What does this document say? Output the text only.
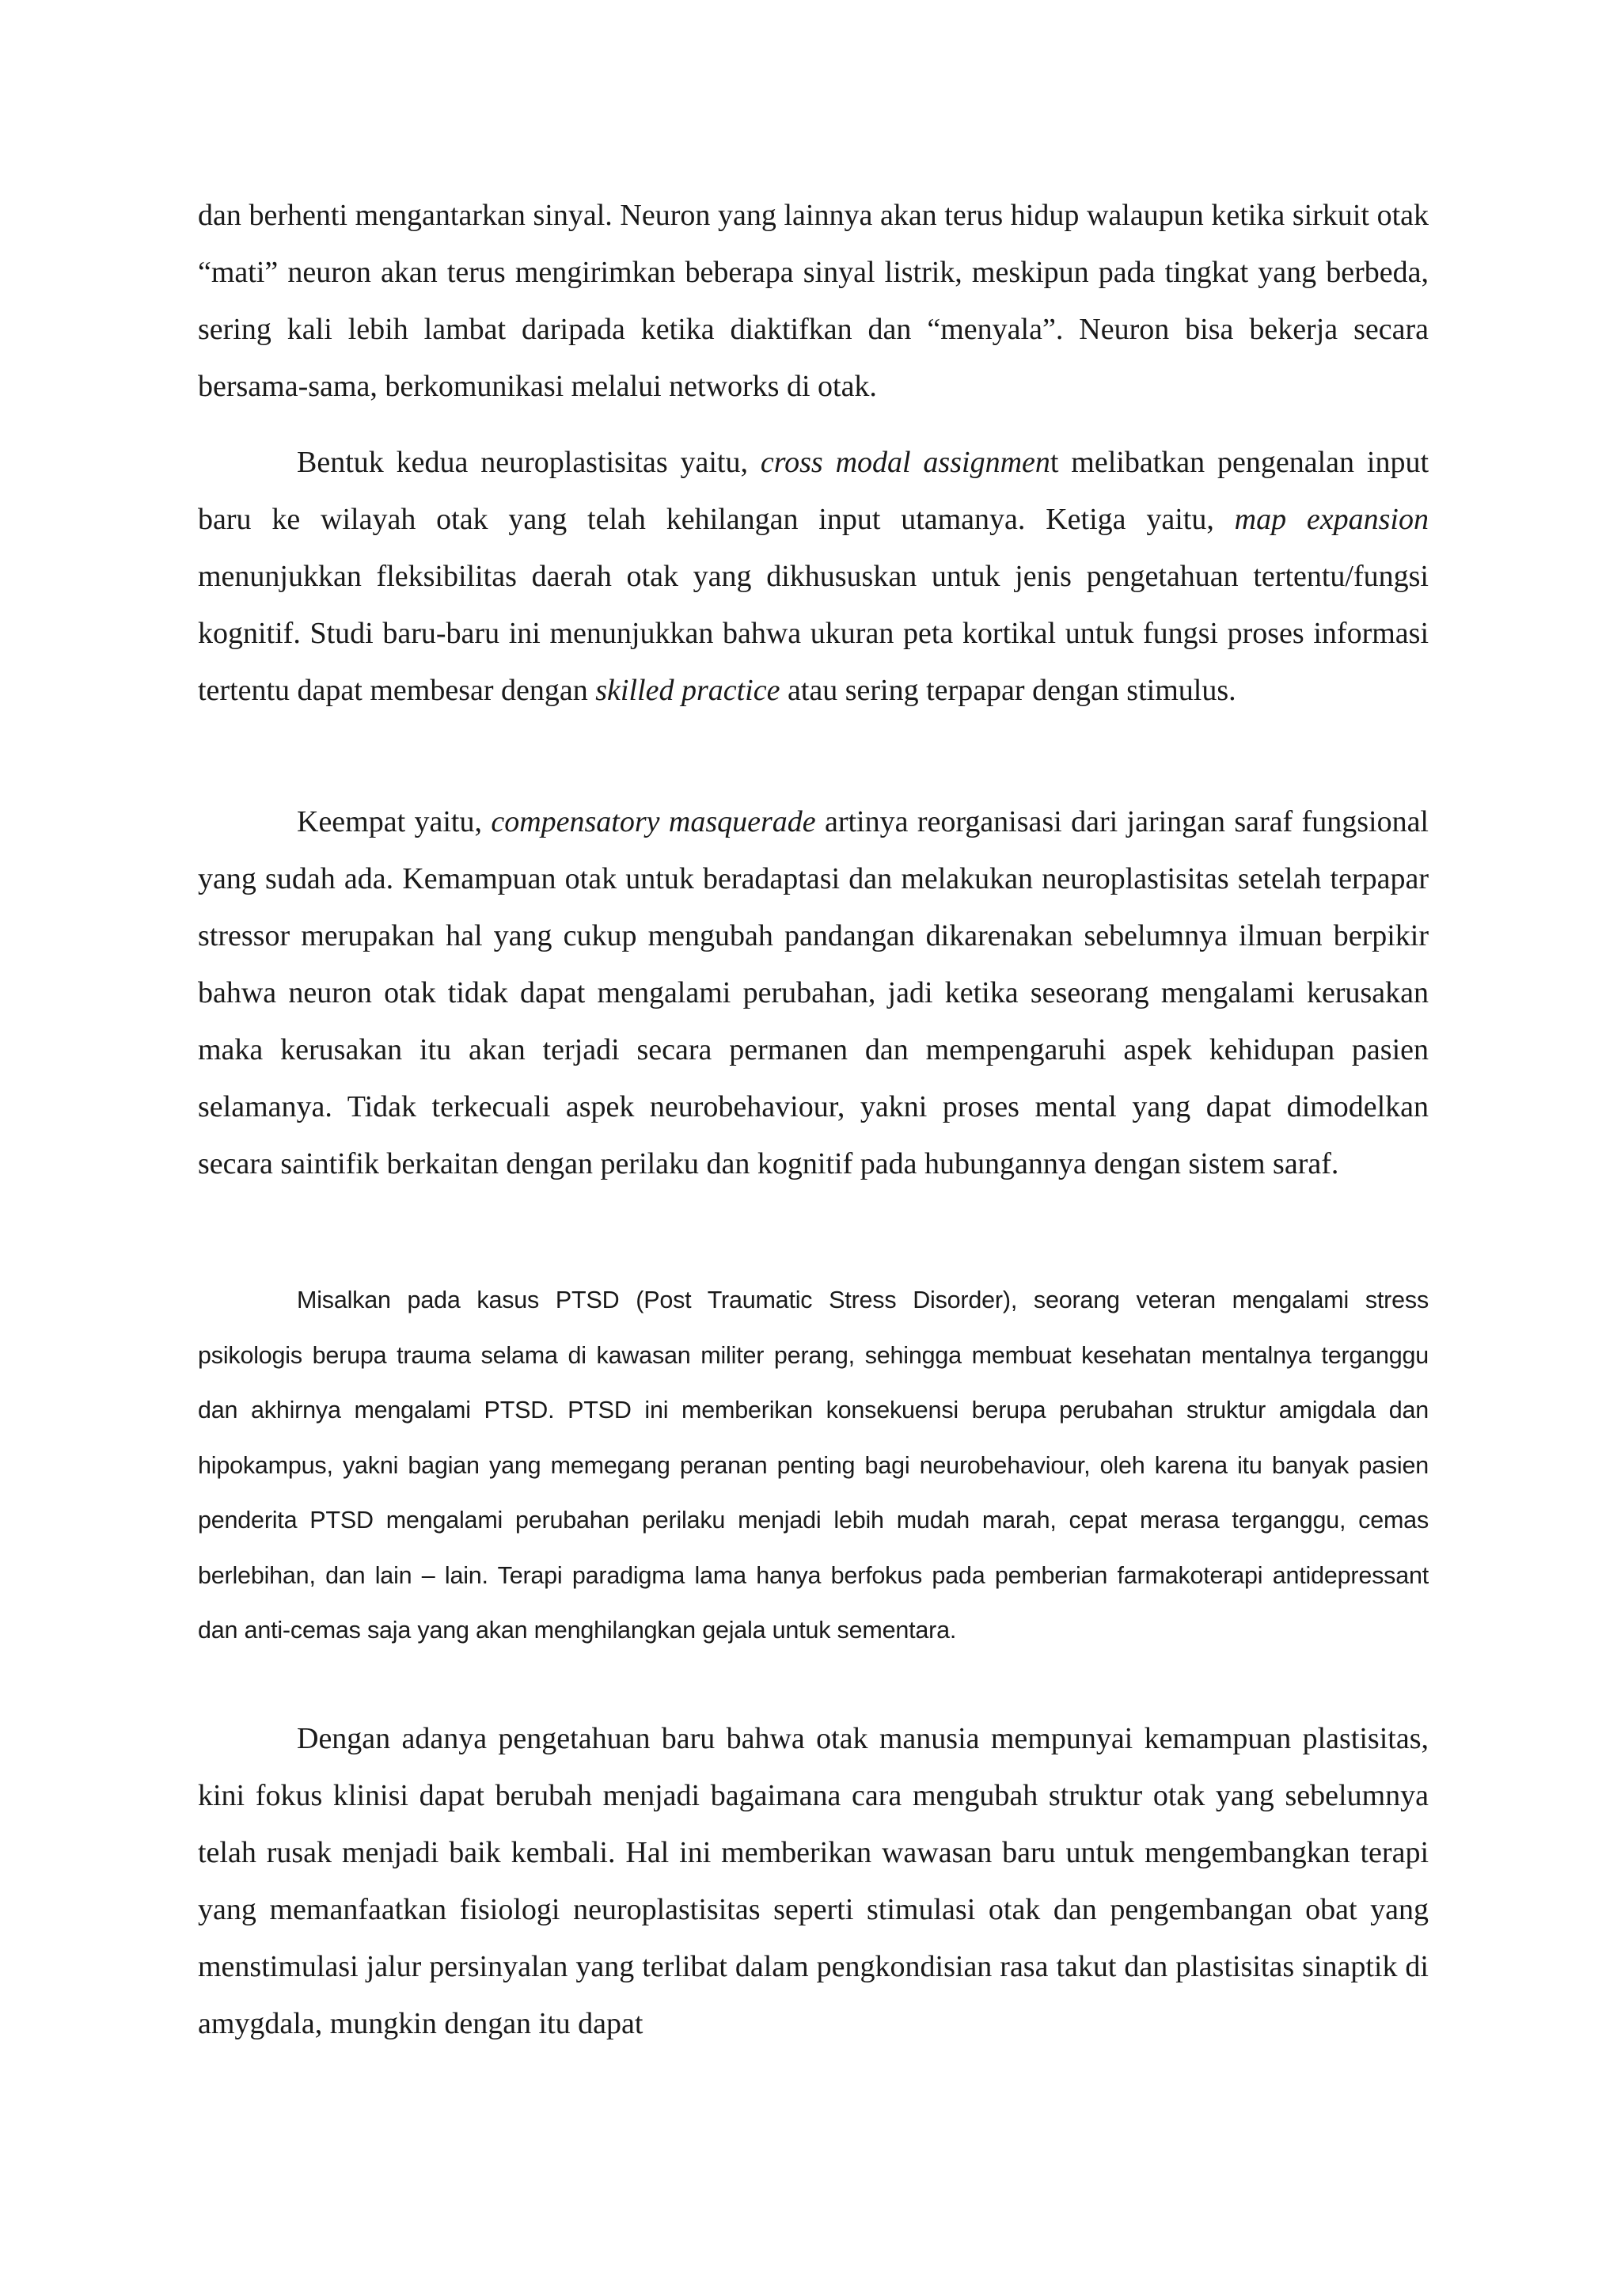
dan berhenti mengantarkan sinyal. Neuron yang lainnya akan terus hidup walaupun ketika sirkuit otak “mati” neuron akan terus mengirimkan beberapa sinyal listrik, meskipun pada tingkat yang berbeda, sering kali lebih lambat daripada ketika diaktifkan dan “menyala”. Neuron bisa bekerja secara bersama-sama, berkomunikasi melalui networks di otak.

Bentuk kedua neuroplastisitas yaitu, cross modal assignment melibatkan pengenalan input baru ke wilayah otak yang telah kehilangan input utamanya. Ketiga yaitu, map expansion menunjukkan fleksibilitas daerah otak yang dikhususkan untuk jenis pengetahuan tertentu/fungsi kognitif. Studi baru-baru ini menunjukkan bahwa ukuran peta kortikal untuk fungsi proses informasi tertentu dapat membesar dengan skilled practice atau sering terpapar dengan stimulus.

Keempat yaitu, compensatory masquerade artinya reorganisasi dari jaringan saraf fungsional yang sudah ada. Kemampuan otak untuk beradaptasi dan melakukan neuroplastisitas setelah terpapar stressor merupakan hal yang cukup mengubah pandangan dikarenakan sebelumnya ilmuan berpikir bahwa neuron otak tidak dapat mengalami perubahan, jadi ketika seseorang mengalami kerusakan maka kerusakan itu akan terjadi secara permanen dan mempengaruhi aspek kehidupan pasien selamanya. Tidak terkecuali aspek neurobehaviour, yakni proses mental yang dapat dimodelkan secara saintifik berkaitan dengan perilaku dan kognitif pada hubungannya dengan sistem saraf.

Misalkan pada kasus PTSD (Post Traumatic Stress Disorder), seorang veteran mengalami stress psikologis berupa trauma selama di kawasan militer perang, sehingga membuat kesehatan mentalnya terganggu dan akhirnya mengalami PTSD. PTSD ini memberikan konsekuensi berupa perubahan struktur amigdala dan hipokampus, yakni bagian yang memegang peranan penting bagi neurobehaviour, oleh karena itu banyak pasien penderita PTSD mengalami perubahan perilaku menjadi lebih mudah marah, cepat merasa terganggu, cemas berlebihan, dan lain – lain. Terapi paradigma lama hanya berfokus pada pemberian farmakoterapi antidepressant dan anti-cemas saja yang akan menghilangkan gejala untuk sementara.

Dengan adanya pengetahuan baru bahwa otak manusia mempunyai kemampuan plastisitas, kini fokus klinisi dapat berubah menjadi bagaimana cara mengubah struktur otak yang sebelumnya telah rusak menjadi baik kembali. Hal ini memberikan wawasan baru untuk mengembangkan terapi yang memanfaatkan fisiologi neuroplastisitas seperti stimulasi otak dan pengembangan obat yang menstimulasi jalur persinyalan yang terlibat dalam pengkondisian rasa takut dan plastisitas sinaptik di amygdala, mungkin dengan itu dapat
